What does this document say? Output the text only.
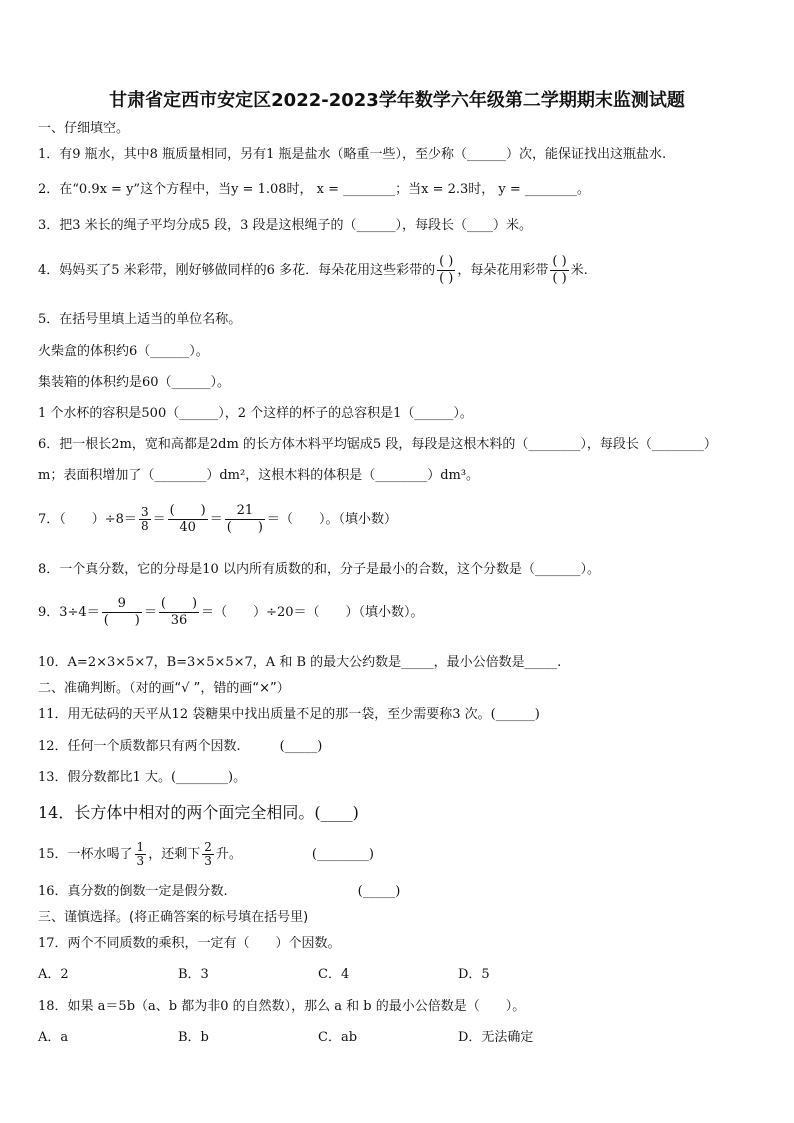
甘肃省定西市安定区2022-2023学年数学六年级第二学期期末监测试题
一、仔细填空。
1．有9 瓶水，其中8 瓶质量相同，另有1 瓶是盐水（略重一些），至少称（______）次，能保证找出这瓶盐水.
2．在“0.9x = y”这个方程中，当y = 1.08时， x = ________；当x = 2.3时， y = ________。
3．把3 米长的绳子平均分成5 段，3 段是这根绳子的（______），每段长（____）米。
4．妈妈买了5 米彩带，刚好够做同样的6 多花．每朵花用这些彩带的 $\frac{( )}{( )}$ ，每朵花用彩带 $\frac{( )}{( )}$ 米.
5．在括号里填上适当的单位名称。
火柴盒的体积约6（______）。
集装箱的体积约是60（______）。
1 个水杯的容积是500（______），2 个这样的杯子的总容积是1（______）。
6．把一根长2m，宽和高都是2dm 的长方体木料平均锯成5 段，每段是这根木料的（________），每段长（________）
m；表面积增加了（________）dm²，这根木料的体积是（________）dm³。
7．（　　）$\div 8= \frac{3}{8} = \frac{( )}{40} = \frac{21}{( )}$ ＝（　　）。（填小数）
8．一个真分数，它的分母是10 以内所有质数的和，分子是最小的合数，这个分数是（_______）。
9．$3\div 4= \frac{9}{( )} = \frac{( )}{36}$ ＝（　　）÷20＝（　　）（填小数）。
10．A=2×3×5×7，B=3×5×5×7，A 和 B 的最大公约数是_____，最小公倍数是_____.
二、准确判断。（对的画“√ ”，错的画“×”）
11．用无砝码的天平从12 袋糖果中找出质量不足的那一袋，至少需要称3 次。(______)
12．任何一个质数都只有两个因数.　　　(_____)
13．假分数都比1 大。(________)。
14．长方体中相对的两个面完全相同。(____)
15．一杯水喝了 $\frac{1}{3}$ ，还剩下 $\frac{2}{3}$ 升。	(________)
16．真分数的倒数一定是假分数.　　　　　　　　　　(_____)
三、谨慎选择。(将正确答案的标号填在括号里)
17．两个不同质数的乘积，一定有（　　）个因数。
A．2	B．3	C．4	D．5
18．如果 a＝5b（a、b 都为非0 的自然数），那么 a 和 b 的最小公倍数是（　　）。
A．a	B．b	C．ab	D．无法确定
